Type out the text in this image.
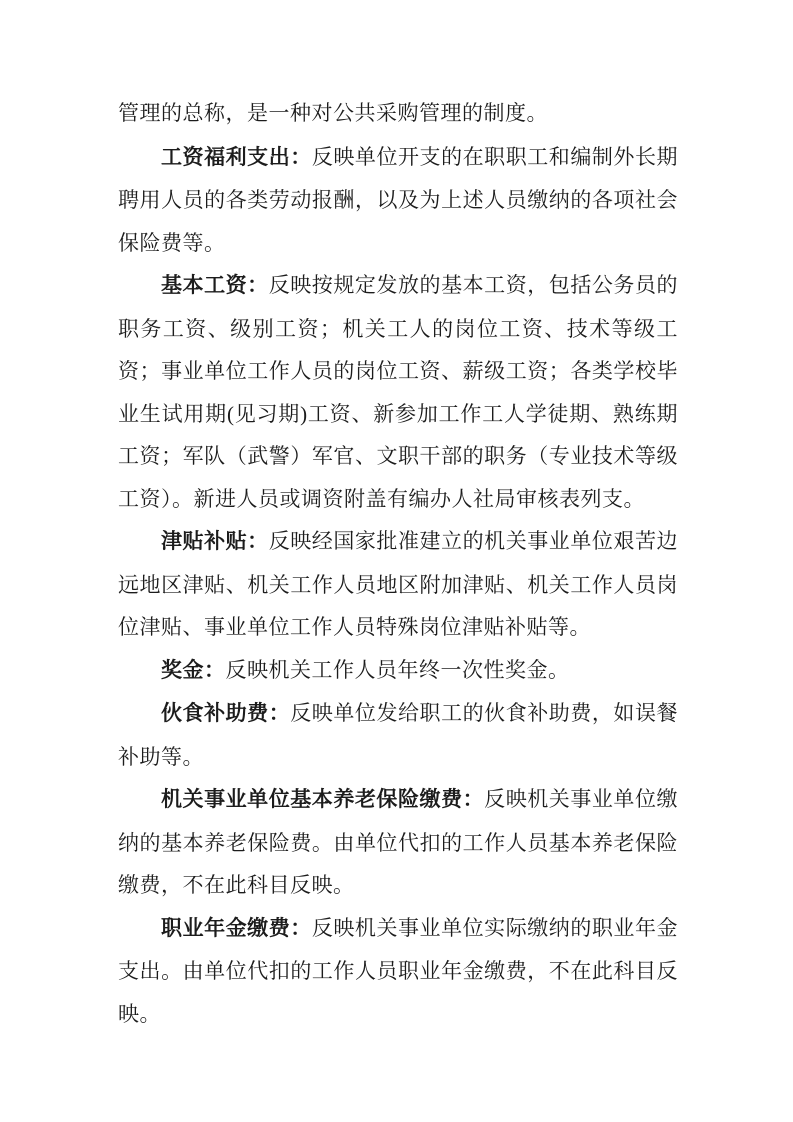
管理的总称，是一种对公共采购管理的制度。

工资福利支出：反映单位开支的在职职工和编制外长期聘用人员的各类劳动报酬，以及为上述人员缴纳的各项社会保险费等。

基本工资：反映按规定发放的基本工资，包括公务员的职务工资、级别工资；机关工人的岗位工资、技术等级工资；事业单位工作人员的岗位工资、薪级工资；各类学校毕业生试用期(见习期)工资、新参加工作工人学徒期、熟练期工资；军队（武警）军官、文职干部的职务（专业技术等级工资）。新进人员或调资附盖有编办人社局审核表列支。

津贴补贴：反映经国家批准建立的机关事业单位艰苦边远地区津贴、机关工作人员地区附加津贴、机关工作人员岗位津贴、事业单位工作人员特殊岗位津贴补贴等。

奖金：反映机关工作人员年终一次性奖金。

伙食补助费：反映单位发给职工的伙食补助费，如误餐补助等。

机关事业单位基本养老保险缴费：反映机关事业单位缴纳的基本养老保险费。由单位代扣的工作人员基本养老保险缴费，不在此科目反映。

职业年金缴费：反映机关事业单位实际缴纳的职业年金支出。由单位代扣的工作人员职业年金缴费，不在此科目反映。
